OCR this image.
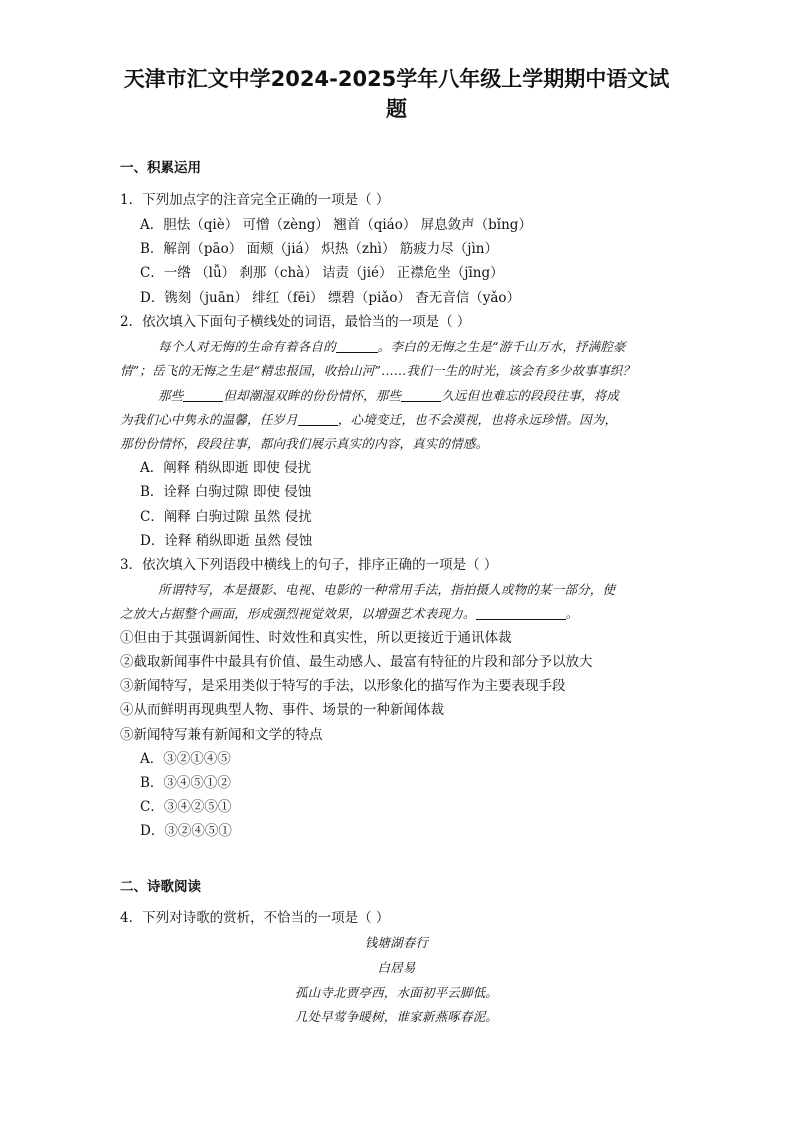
天津市汇文中学2024-2025学年八年级上学期期中语文试
题
一、积累运用
1．下列加点字的注音完全正确的一项是（ ）
A．胆怯（qiè） 可憎（zèng） 翘首（qiáo） 屏息敛声（bǐng）
B．解剖（pāo） 面颊（jiá） 炽热（zhì） 筋疲力尽（jìn）
C．一绺 （lǚ） 刹那（chà） 诘责（jié） 正襟危坐（jīng）
D．镌刻（juān） 绯红（fēi） 缥碧（piǎo） 杳无音信（yǎo）
2．依次填入下面句子横线处的词语，最恰当的一项是（ ）
每个人对无悔的生命有着各自的	。李白的无悔之生是“游千山万水，抒满腔豪
情”；岳飞的无悔之生是“精忠报国，收拾山河”……我们一生的时光，该会有多少故事事织？
那些	但却潮湿双眸的份份情怀，那些	久远但也难忘的段段往事，将成
为我们心中隽永的温馨，任岁月	，心境变迁，也不会漠视，也将永远珍惜。因为，
那份份情怀，段段往事，都向我们展示真实的内容，真实的情感。
A．阐释 稍纵即逝 即使 侵扰
B．诠释 白驹过隙 即使 侵蚀
C．阐释 白驹过隙 虽然 侵扰
D．诠释 稍纵即逝 虽然 侵蚀
3．依次填入下列语段中横线上的句子，排序正确的一项是（ ）
所谓特写，本是摄影、电视、电影的一种常用手法，指拍摄人或物的某一部分，使
之放大占据整个画面，形成强烈视觉效果，以增强艺术表现力。	。
①但由于其强调新闻性、时效性和真实性，所以更接近于通讯体裁
②截取新闻事件中最具有价值、最生动感人、最富有特征的片段和部分予以放大
③新闻特写，是采用类似于特写的手法，以形象化的描写作为主要表现手段
④从而鲜明再现典型人物、事件、场景的一种新闻体裁
⑤新闻特写兼有新闻和文学的特点
A．③②①④⑤
B．③④⑤①②
C．③④②⑤①
D．③②④⑤①
二、诗歌阅读
4．下列对诗歌的赏析，不恰当的一项是（ ）
钱塘湖春行
白居易
孤山寺北贾亭西，水面初平云脚低。
几处早莺争暖树，谁家新燕啄春泥。
